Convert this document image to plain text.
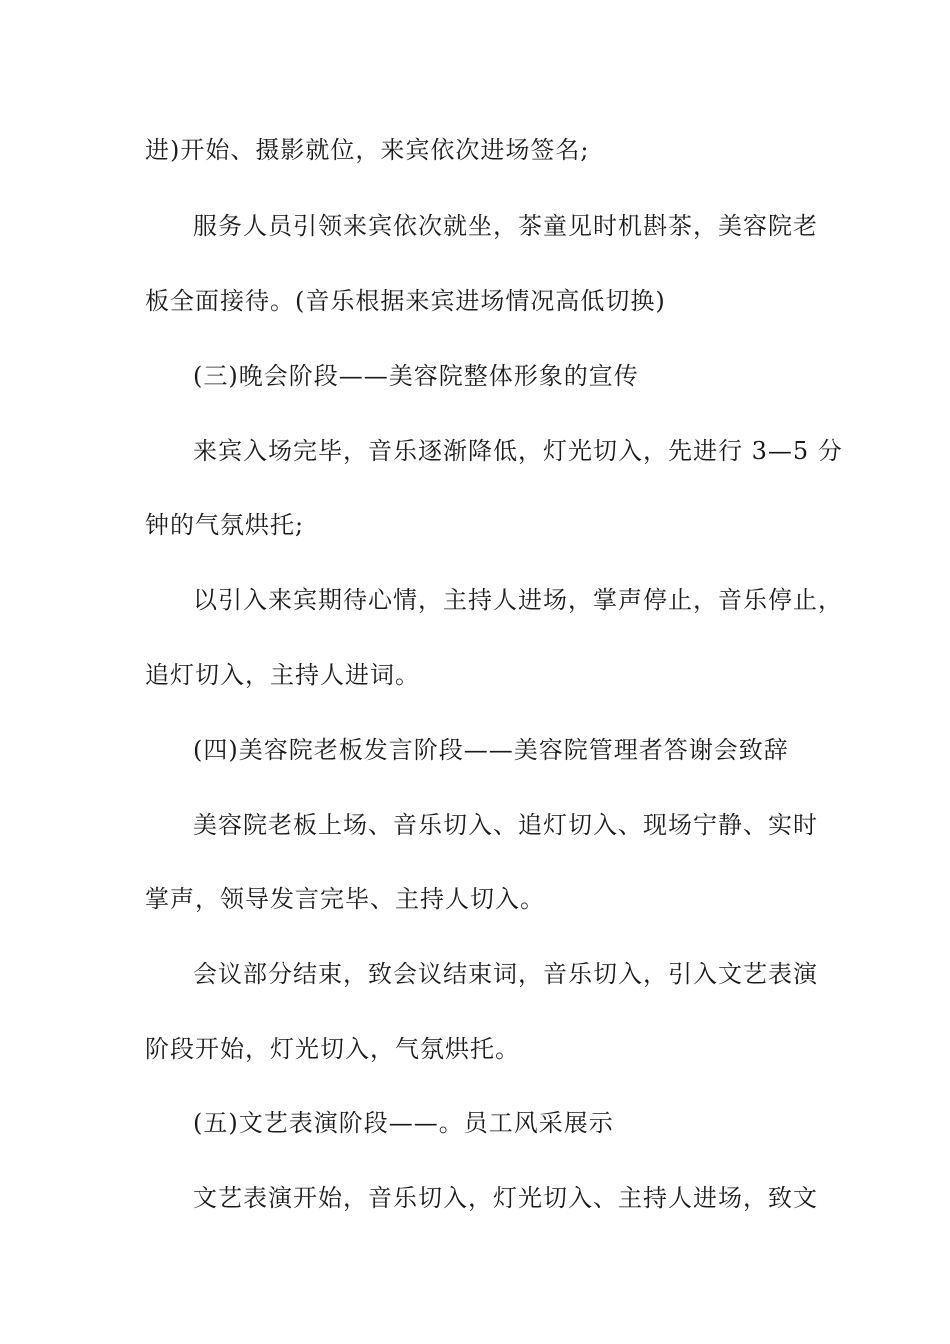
进)开始、摄影就位，来宾依次进场签名;

服务人员引领来宾依次就坐，茶童见时机斟茶，美容院老

板全面接待。(音乐根据来宾进场情况高低切换)

(三)晚会阶段——美容院整体形象的宣传

来宾入场完毕，音乐逐渐降低，灯光切入，先进行 3—5 分

钟的气氛烘托;

以引入来宾期待心情，主持人进场，掌声停止，音乐停止，

追灯切入，主持人进词。

(四)美容院老板发言阶段——美容院管理者答谢会致辞

美容院老板上场、音乐切入、追灯切入、现场宁静、实时

掌声，领导发言完毕、主持人切入。

会议部分结束，致会议结束词，音乐切入，引入文艺表演

阶段开始，灯光切入，气氛烘托。

(五)文艺表演阶段——。员工风采展示

文艺表演开始，音乐切入，灯光切入、主持人进场，致文
